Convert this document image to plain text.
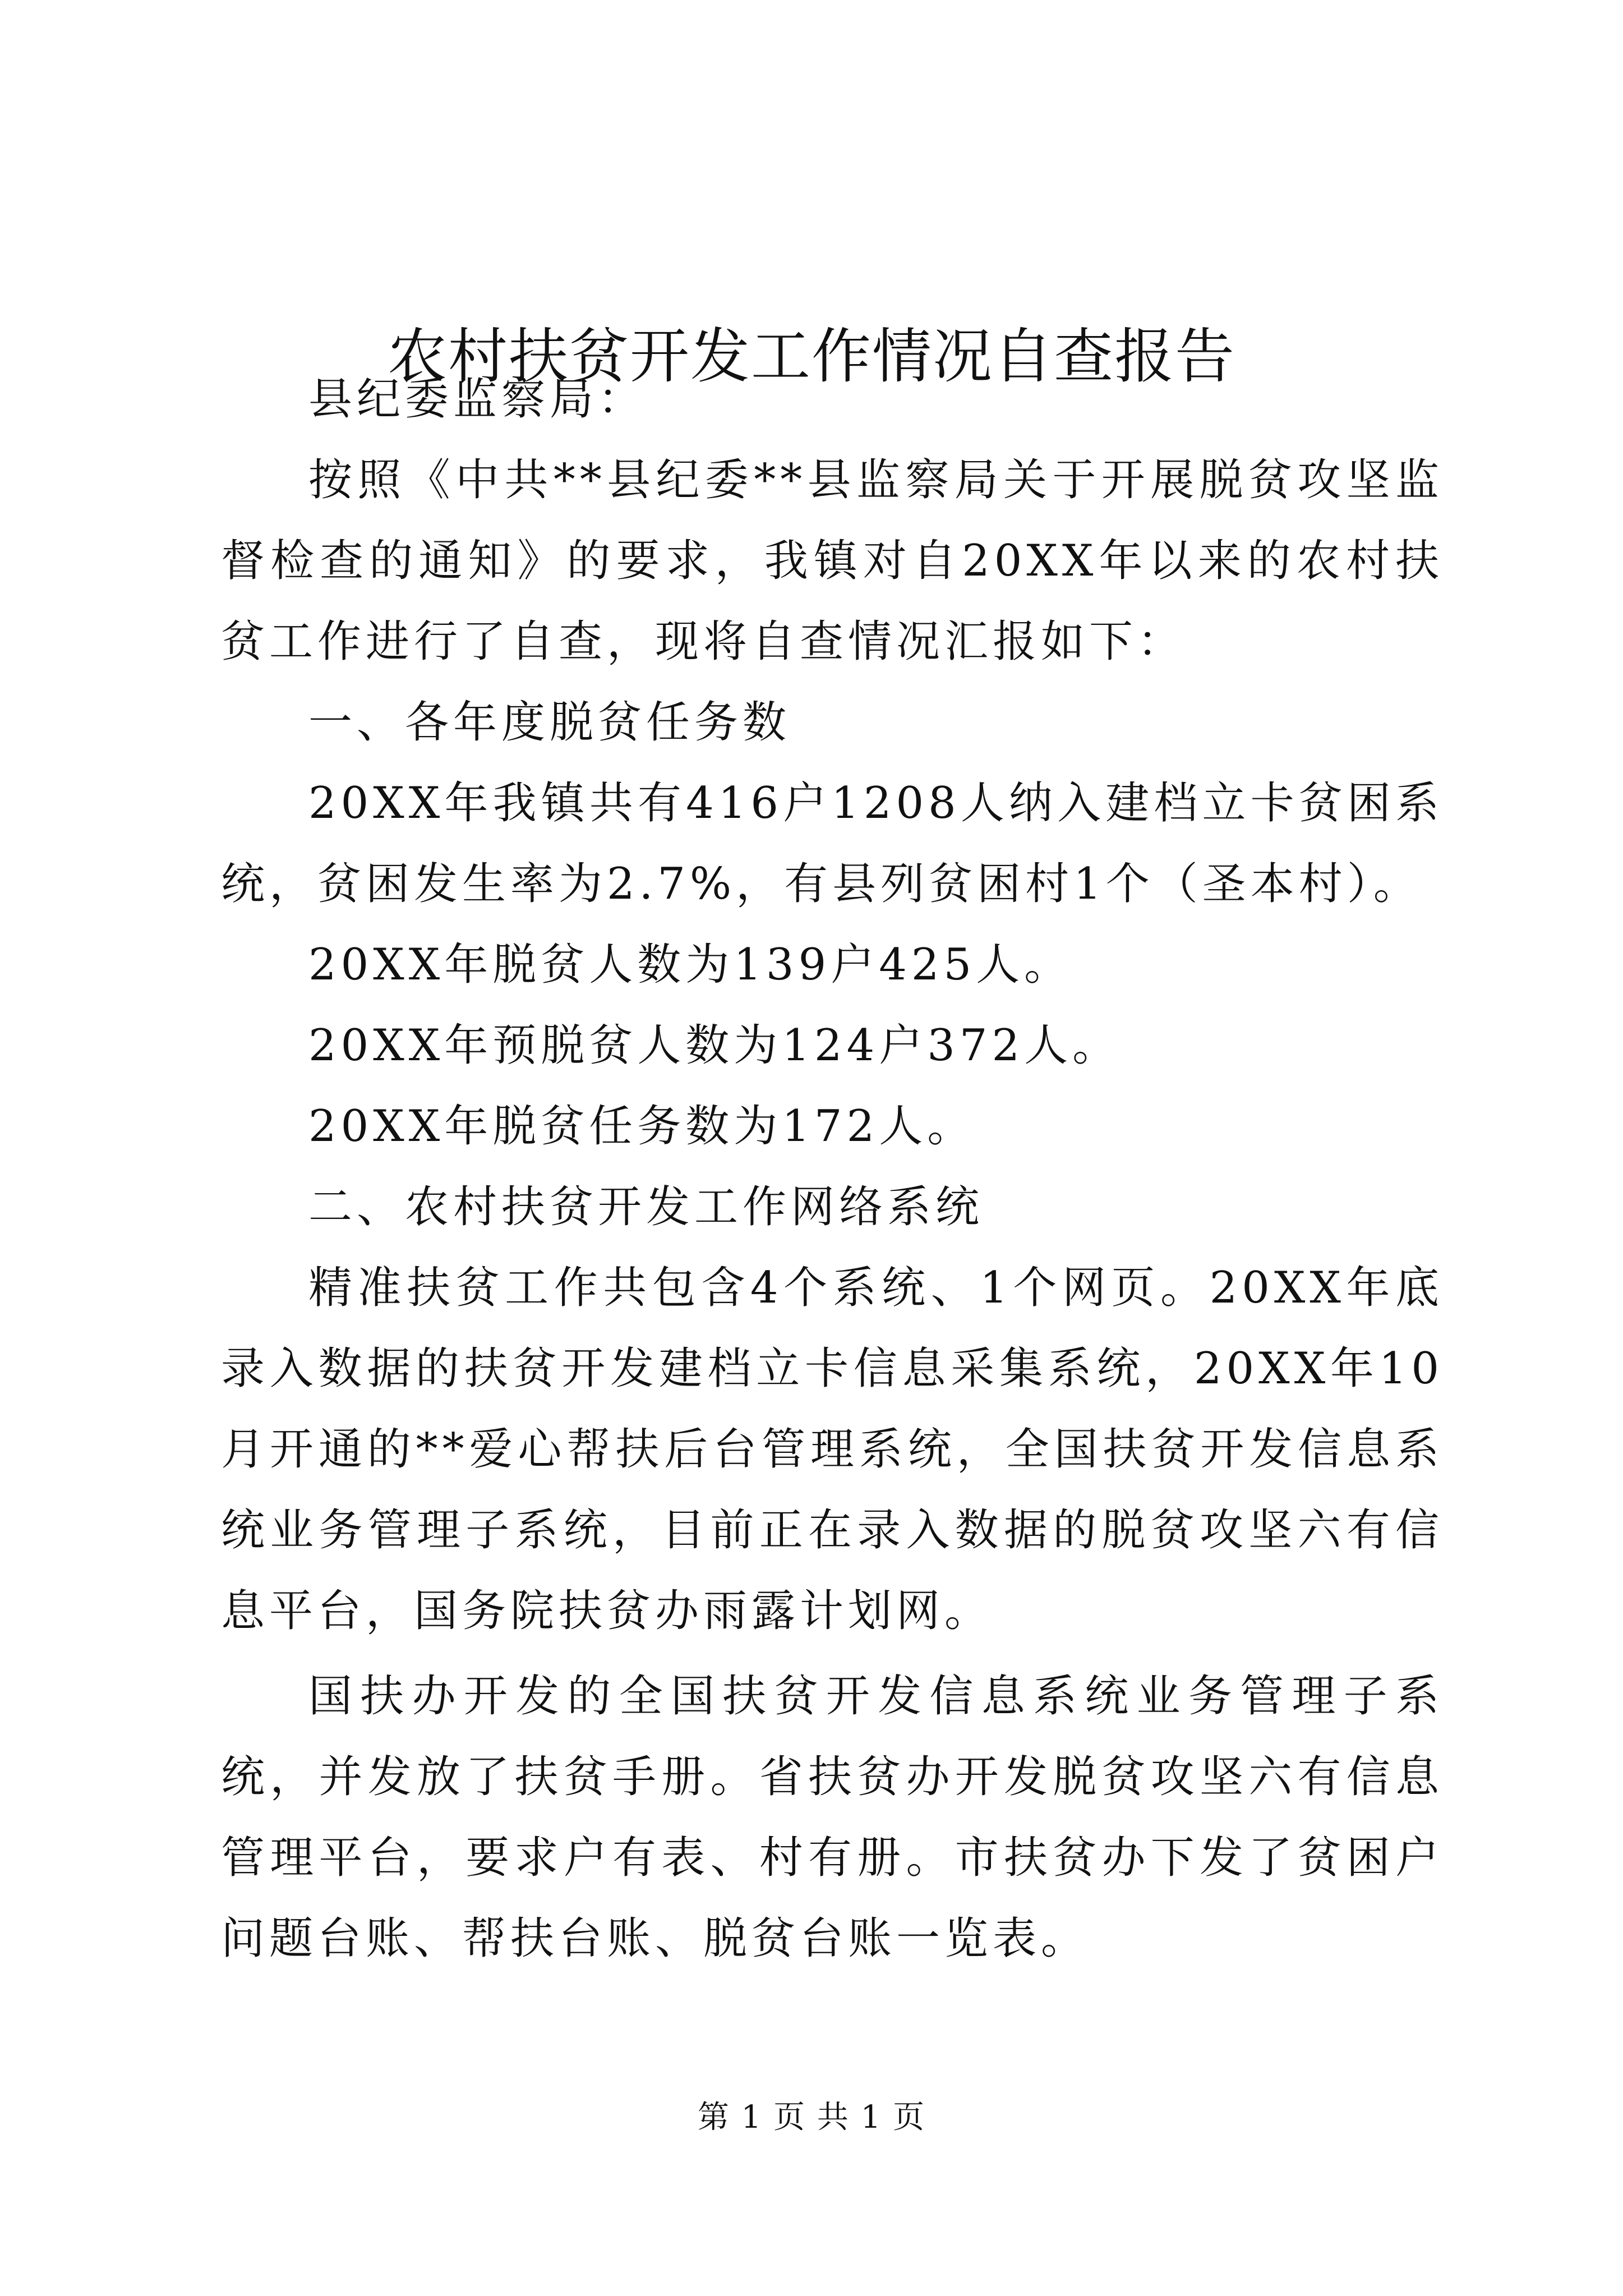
农村扶贫开发工作情况自查报告

县纪委监察局：

按照《中共**县纪委**县监察局关于开展脱贫攻坚监督检查的通知》的要求，我镇对自20XX年以来的农村扶贫工作进行了自查，现将自查情况汇报如下：

一、各年度脱贫任务数

20XX年我镇共有416户1208人纳入建档立卡贫困系统，贫困发生率为2.7%，有县列贫困村1个（圣本村）。

20XX年脱贫人数为139户425人。

20XX年预脱贫人数为124户372人。

20XX年脱贫任务数为172人。

二、农村扶贫开发工作网络系统

精准扶贫工作共包含4个系统、1个网页。20XX年底录入数据的扶贫开发建档立卡信息采集系统，20XX年10月开通的**爱心帮扶后台管理系统，全国扶贫开发信息系统业务管理子系统，目前正在录入数据的脱贫攻坚六有信息平台，国务院扶贫办雨露计划网。

国扶办开发的全国扶贫开发信息系统业务管理子系统，并发放了扶贫手册。省扶贫办开发脱贫攻坚六有信息管理平台，要求户有表、村有册。市扶贫办下发了贫困户问题台账、帮扶台账、脱贫台账一览表。

第 1 页 共 1 页
